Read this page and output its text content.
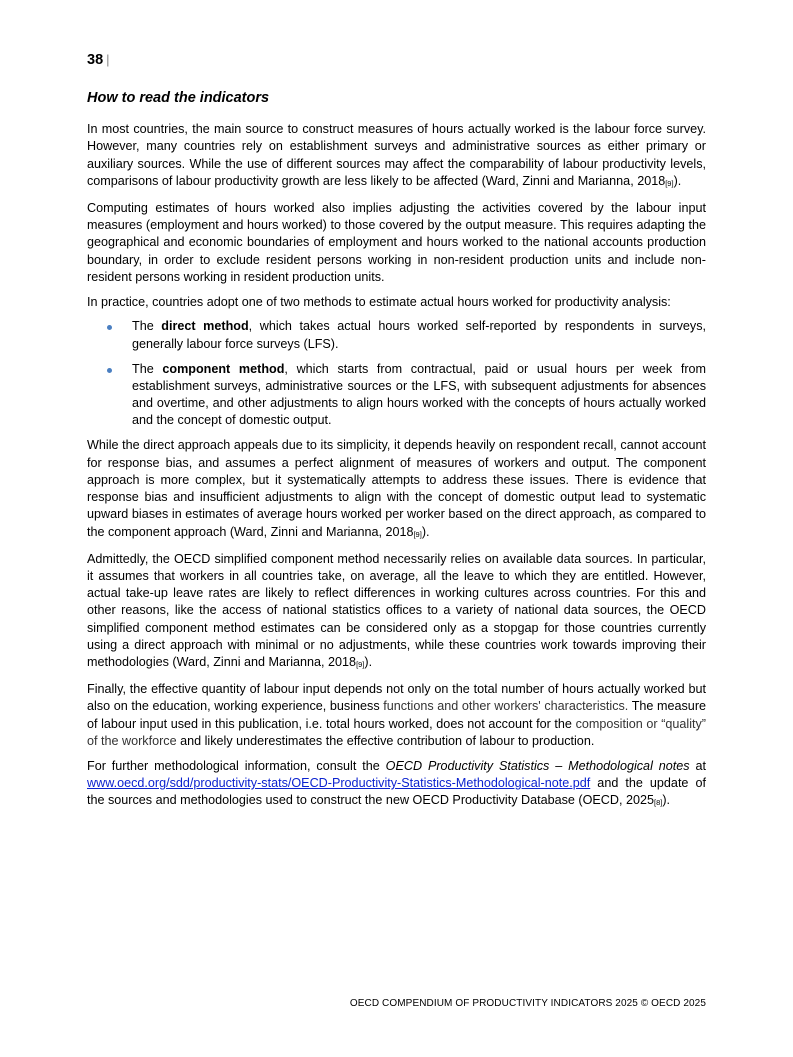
38 |
How to read the indicators

In most countries, the main source to construct measures of hours actually worked is the labour force survey. However, many countries rely on establishment surveys and administrative sources as either primary or auxiliary sources. While the use of different sources may affect the comparability of labour productivity levels, comparisons of labour productivity growth are less likely to be affected (Ward, Zinni and Marianna, 2018[9]).

Computing estimates of hours worked also implies adjusting the activities covered by the labour input measures (employment and hours worked) to those covered by the output measure. This requires adapting the geographical and economic boundaries of employment and hours worked to the national accounts production boundary, in order to exclude resident persons working in non-resident production units and include non-resident persons working in resident production units.

In practice, countries adopt one of two methods to estimate actual hours worked for productivity analysis:

The direct method, which takes actual hours worked self-reported by respondents in surveys, generally labour force surveys (LFS).
The component method, which starts from contractual, paid or usual hours per week from establishment surveys, administrative sources or the LFS, with subsequent adjustments for absences and overtime, and other adjustments to align hours worked with the concepts of hours actually worked and the concept of domestic output.

While the direct approach appeals due to its simplicity, it depends heavily on respondent recall, cannot account for response bias, and assumes a perfect alignment of measures of workers and output. The component approach is more complex, but it systematically attempts to address these issues. There is evidence that response bias and insufficient adjustments to align with the concept of domestic output lead to systematic upward biases in estimates of average hours worked per worker based on the direct approach, as compared to the component approach (Ward, Zinni and Marianna, 2018[9]).

Admittedly, the OECD simplified component method necessarily relies on available data sources. In particular, it assumes that workers in all countries take, on average, all the leave to which they are entitled. However, actual take-up leave rates are likely to reflect differences in working cultures across countries. For this and other reasons, like the access of national statistics offices to a variety of national data sources, the OECD simplified component method estimates can be considered only as a stopgap for those countries currently using a direct approach with minimal or no adjustments, while these countries work towards improving their methodologies (Ward, Zinni and Marianna, 2018[9]).

Finally, the effective quantity of labour input depends not only on the total number of hours actually worked but also on the education, working experience, business functions and other workers' characteristics. The measure of labour input used in this publication, i.e. total hours worked, does not account for the composition or “quality” of the workforce and likely underestimates the effective contribution of labour to production.

For further methodological information, consult the OECD Productivity Statistics – Methodological notes at www.oecd.org/sdd/productivity-stats/OECD-Productivity-Statistics-Methodological-note.pdf and the update of the sources and methodologies used to construct the new OECD Productivity Database (OECD, 2025[8]).

OECD COMPENDIUM OF PRODUCTIVITY INDICATORS 2025 © OECD 2025
